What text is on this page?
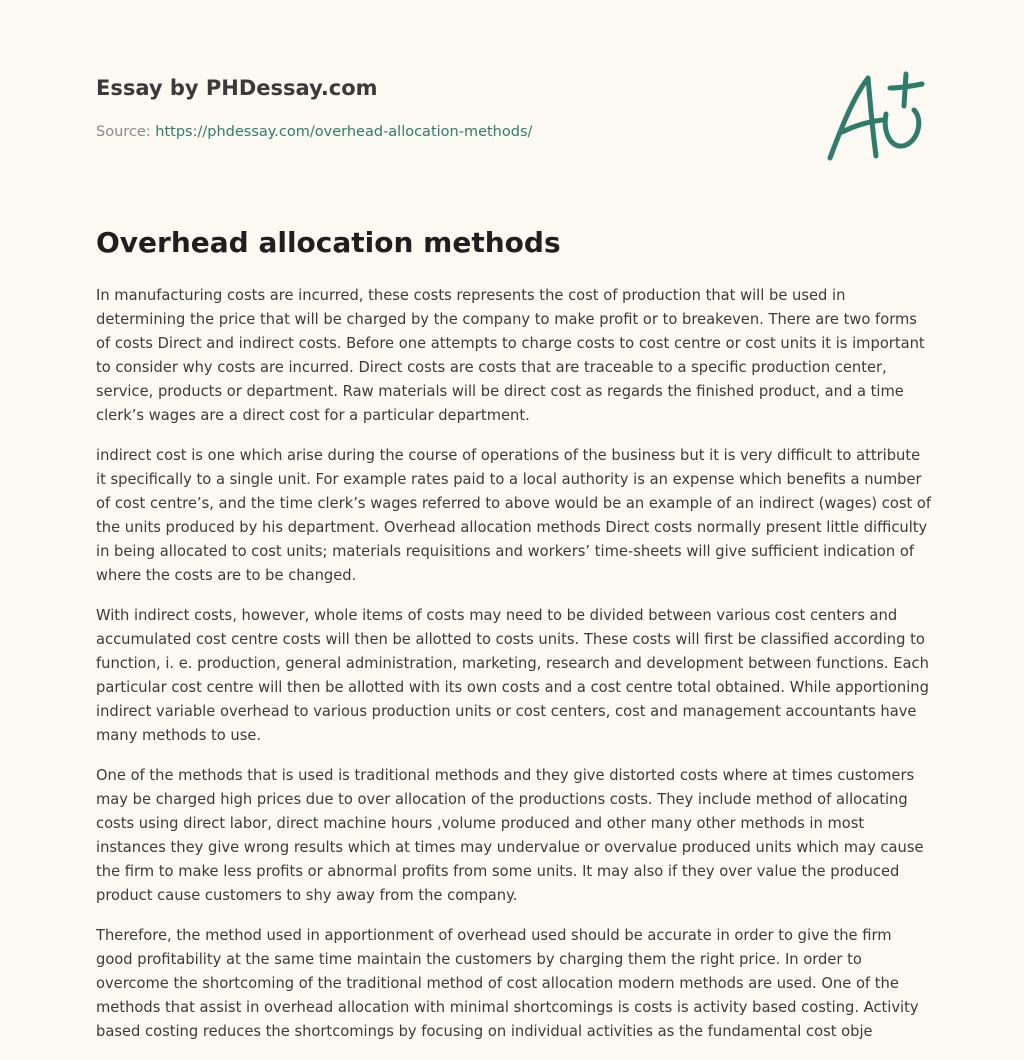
Essay by PHDessay.com

Source: https://phdessay.com/overhead-allocation-methods/

Overhead allocation methods

In manufacturing costs are incurred, these costs represents the cost of production that will be used in determining the price that will be charged by the company to make profit or to breakeven. There are two forms of costs Direct and indirect costs. Before one attempts to charge costs to cost centre or cost units it is important to consider why costs are incurred. Direct costs are costs that are traceable to a specific production center, service, products or department. Raw materials will be direct cost as regards the finished product, and a time clerk’s wages are a direct cost for a particular department.

indirect cost is one which arise during the course of operations of the business but it is very difficult to attribute it specifically to a single unit. For example rates paid to a local authority is an expense which benefits a number of cost centre’s, and the time clerk’s wages referred to above would be an example of an indirect (wages) cost of the units produced by his department. Overhead allocation methods Direct costs normally present little difficulty in being allocated to cost units; materials requisitions and workers’ time-sheets will give sufficient indication of where the costs are to be changed.

With indirect costs, however, whole items of costs may need to be divided between various cost centers and accumulated cost centre costs will then be allotted to costs units. These costs will first be classified according to function, i. e. production, general administration, marketing, research and development between functions. Each particular cost centre will then be allotted with its own costs and a cost centre total obtained. While apportioning indirect variable overhead to various production units or cost centers, cost and management accountants have many methods to use.

One of the methods that is used is traditional methods and they give distorted costs where at times customers may be charged high prices due to over allocation of the productions costs. They include method of allocating costs using direct labor, direct machine hours ,volume produced and other many other methods in most instances they give wrong results which at times may undervalue or overvalue produced units which may cause the firm to make less profits or abnormal profits from some units. It may also if they over value the produced product cause customers to shy away from the company.

Therefore, the method used in apportionment of overhead used should be accurate in order to give the firm good profitability at the same time maintain the customers by charging them the right price. In order to overcome the shortcoming of the traditional method of cost allocation modern methods are used. One of the methods that assist in overhead allocation with minimal shortcomings is costs is activity based costing. Activity based costing reduces the shortcomings by focusing on individual activities as the fundamental cost obje
